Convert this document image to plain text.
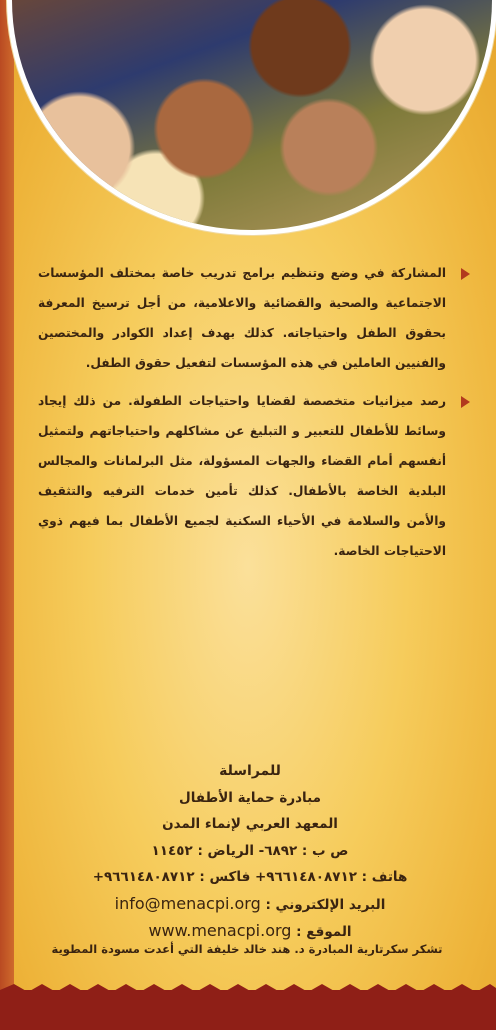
المشاركة في وضع وتنظيم برامج تدريب خاصة بمختلف المؤسسات الاجتماعية والصحية والقضائية والاعلامية، من أجل ترسيخ المعرفة بحقوق الطفل واحتياجاته. كذلك بهدف إعداد الكوادر والمختصين والفنيين العاملين في هذه المؤسسات لتفعيل حقوق الطفل.
رصد ميزانيات متخصصة لقضايا واحتياجات الطفولة. من ذلك إيجاد وسائط للأطفال للتعبير و التبليغ عن مشاكلهم واحتياجاتهم ولتمثيل أنفسهم أمام القضاء والجهات المسؤولة، مثل البرلمانات والمجالس البلدية الخاصة بالأطفال. كذلك تأمين خدمات الترفيه والتثقيف والأمن والسلامة في الأحياء السكنية لجميع الأطفال بما فيهم ذوي الاحتياجات الخاصة.
للمراسلة
مبادرة حماية الأطفال
المعهد العربي لإنماء المدن
ص ب : ٦٨٩٢- الرياض : ١١٤٥٢
هاتف : ٩٦٦١٤٨٠٨٧١٢+ فاكس : ٩٦٦١٤٨٠٨٧١٢+
البريد الإلكتروني : info@menacpi.org
الموقع : www.menacpi.org
تشكر سكرتارية المبادرة د. هند خالد خليفة التي أعدت مسودة المطوية
